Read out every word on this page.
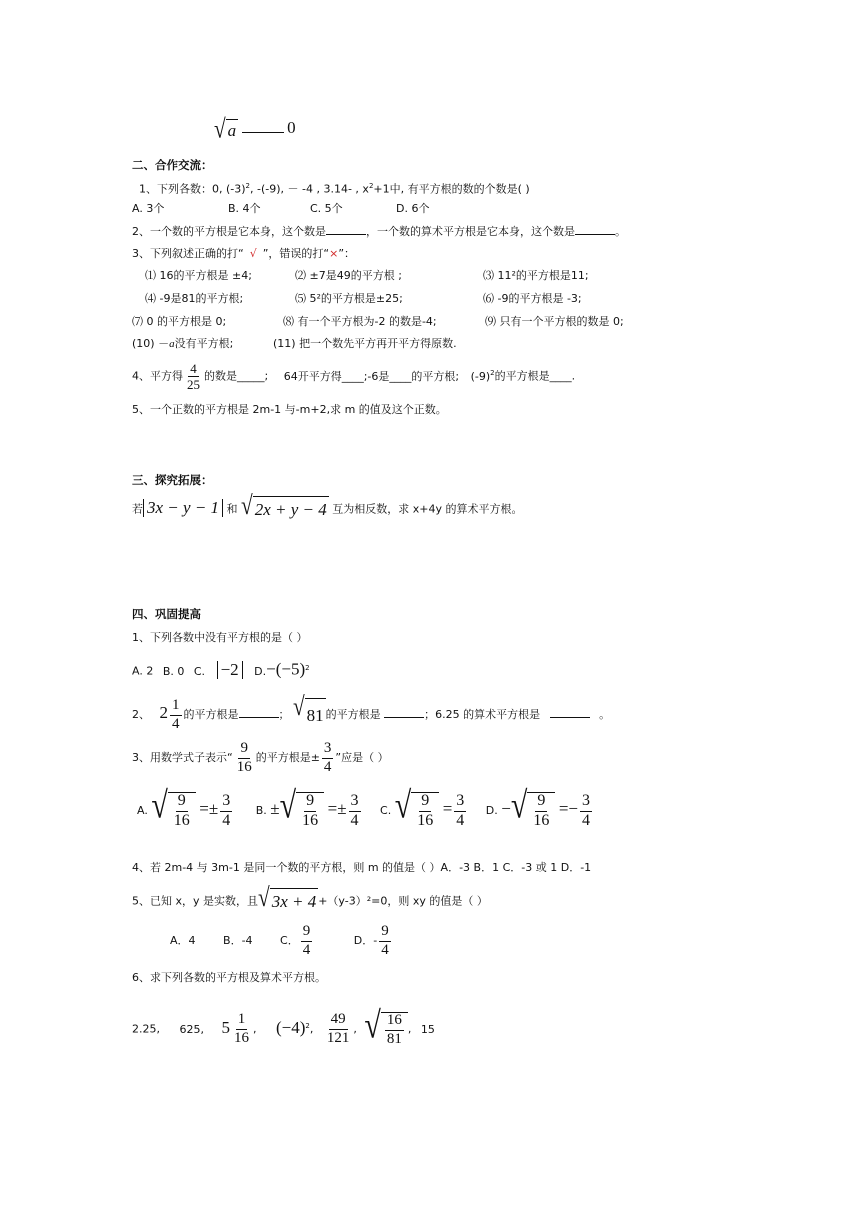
√ a	0
二、合作交流：
1、下列各数：0, $(-3)^2$, -(-9), － -4 , 3.14- , $x^2+1$中, 有平方根的数的个数是( )
A. 3个	B. 4个	C. 5个	D. 6个
2、一个数的平方根是它本身，这个数是	，一个数的算术平方根是它本身，这个数是	。
3、下列叙述正确的打“ √ ”，错误的打“×”：
⑴ 16的平方根是 ±4;	⑵ ±7是49的平方根 ;	⑶ 11²的平方根是11;
⑷ -9是81的平方根;	⑸ 5²的平方根是±25;	⑹ -9的平方根是 -3;
⑺ 0 的平方根是 0;	⑻ 有一个平方根为-2 的数是-4;	⑼ 只有一个平方根的数是 0;
(10) －a没有平方根;	(11) 把一个数先平方再开平方得原数.
4、平方得 $\frac{4}{25}$ 的数是_____; 64开平方得____;-6是____的平方根; $(-9)^2$的平方根是____.
5、一个正数的平方根是 2m-1 与-m+2,求 m 的值及这个正数。
三、探究拓展：
若 3x − y − 1 和 √ 2x + y − 4 互为相反数，求 x+4y 的算术平方根。
四、巩固提高
1、下列各数中没有平方根的是（ ）
A. 2 B. 0 C. −2 $D.-(-5)^2$
2、 $2 \frac{1}{4}$ 的平方根是	； √ 81 的平方根是	；6.25 的算术平方根是	。
3、用数学式子表示“ $\frac{9}{16}$ 的平方根是± $\frac{3}{4}$ ”应是（ ）
A. √ $\frac{9}{16} =\pm \frac{3}{4} B$. ± √ $\frac{9}{16} =\pm \frac{3}{4} C$. √ $\frac{9}{16} = \frac{3}{4} D$. − √ $\frac{9}{16} =- \frac{3}{4}$
4、若 2m-4 与 3m-1 是同一个数的平方根，则 m 的值是（ ）A．-3 B．1 C．-3 或 1 D．-1
5、已知 x，y 是实数，且 √ 3x + 4 +（y-3）²=0，则 xy 的值是（ ）
A．4	B．-4	C． $\frac{9}{4}$	D．- $\frac{9}{4}$
6、求下列各数的平方根及算术平方根。
2.25, 625, $5 \frac{1}{16}$ , $(-4)^2$, $\frac{49}{121}$ , √ $\frac{16}{81}$ , 15
